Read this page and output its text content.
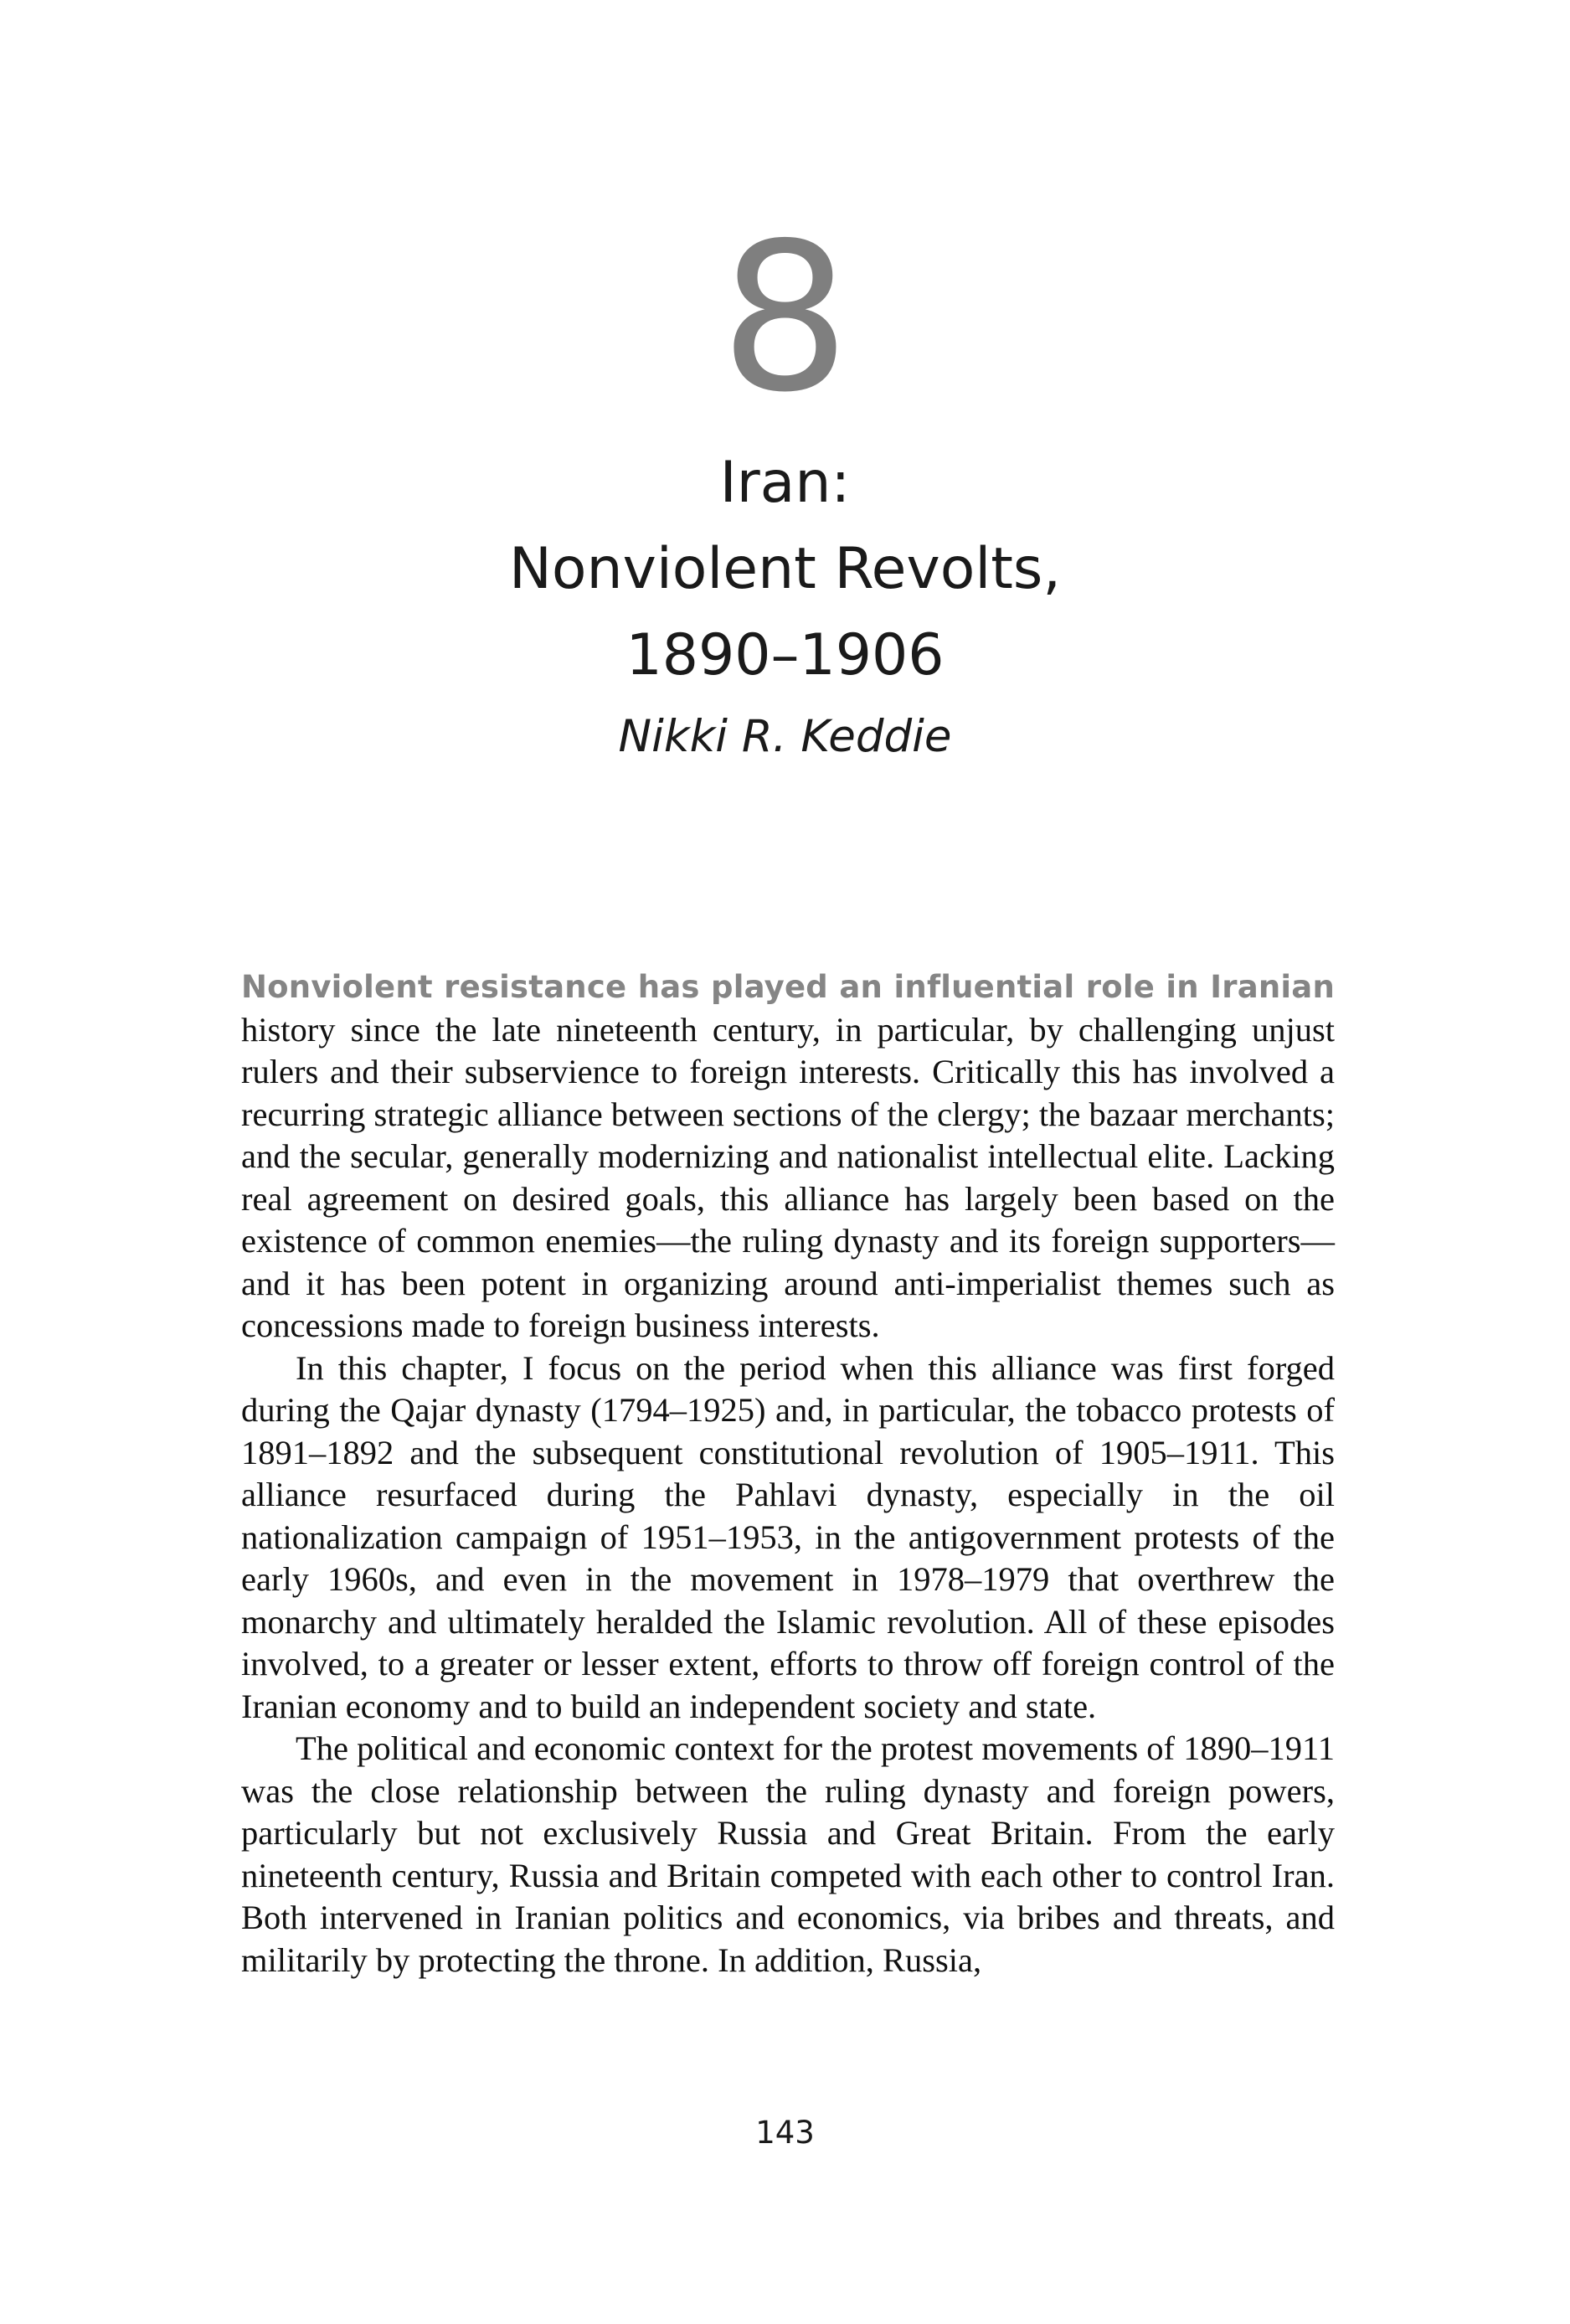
8
Iran:
Nonviolent Revolts,
1890–1906
Nikki R. Keddie

Nonviolent resistance has played an influential role in Iranian history since the late nineteenth century, in particular, by challenging unjust rulers and their subservience to foreign interests. Critically this has involved a recurring strategic alliance between sections of the clergy; the bazaar merchants; and the secular, generally modernizing and nationalist intellectual elite. Lacking real agreement on desired goals, this alliance has largely been based on the existence of common enemies—the ruling dynasty and its foreign supporters—and it has been potent in organizing around anti-imperialist themes such as concessions made to foreign business interests.

In this chapter, I focus on the period when this alliance was first forged during the Qajar dynasty (1794–1925) and, in particular, the tobacco protests of 1891–1892 and the subsequent constitutional revolution of 1905–1911. This alliance resurfaced during the Pahlavi dynasty, especially in the oil nationalization campaign of 1951–1953, in the antigovernment protests of the early 1960s, and even in the movement in 1978–1979 that overthrew the monarchy and ultimately heralded the Islamic revolution. All of these episodes involved, to a greater or lesser extent, efforts to throw off foreign control of the Iranian economy and to build an independent society and state.

The political and economic context for the protest movements of 1890–1911 was the close relationship between the ruling dynasty and foreign powers, particularly but not exclusively Russia and Great Britain. From the early nineteenth century, Russia and Britain competed with each other to control Iran. Both intervened in Iranian politics and economics, via bribes and threats, and militarily by protecting the throne. In addition, Russia,

143
